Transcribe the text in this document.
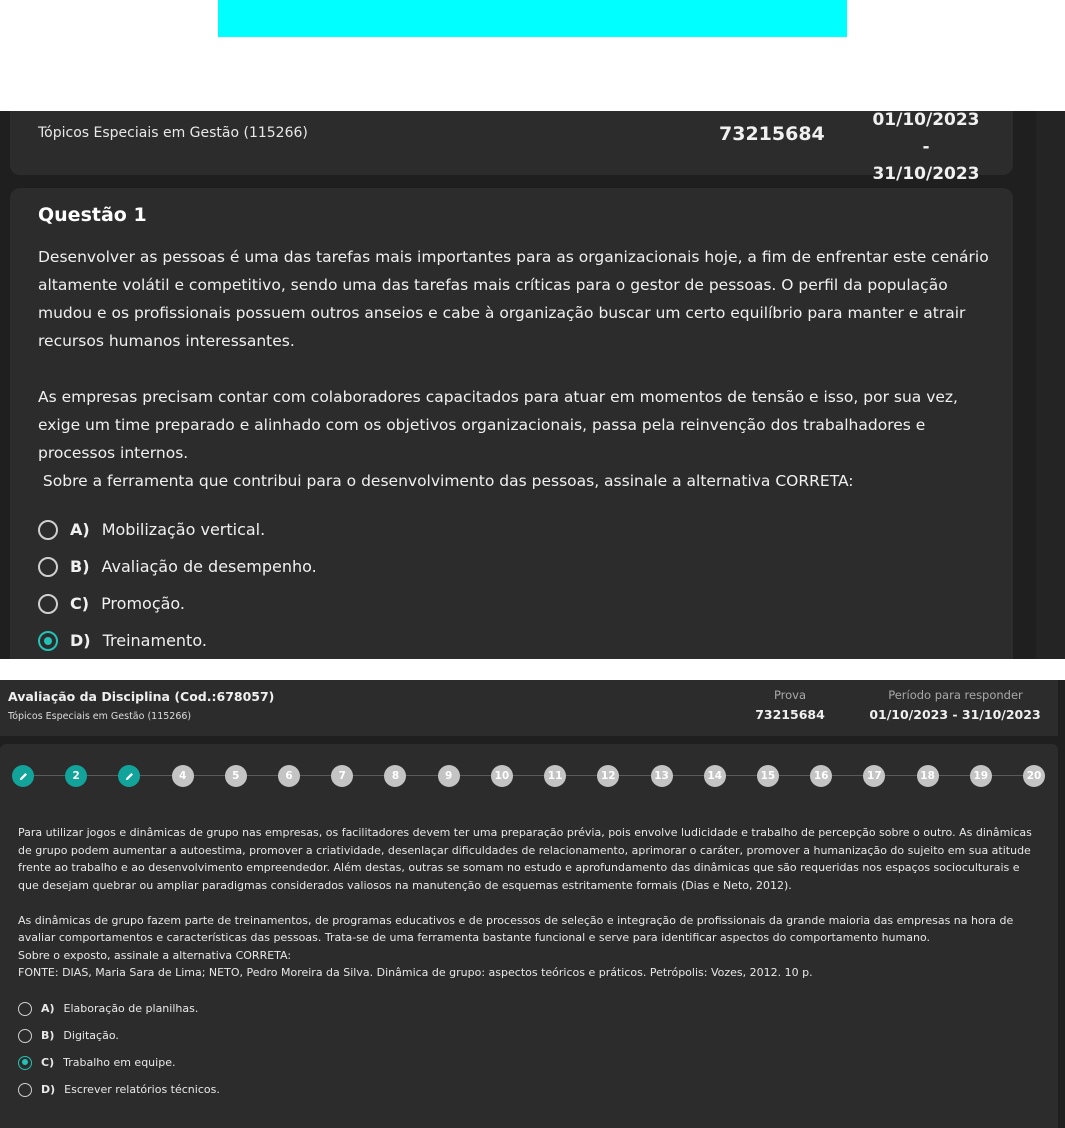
Tópicos Especiais em Gestão (115266)	73215684
01/10/2023 -
31/10/2023
Questão 1

Desenvolver as pessoas é uma das tarefas mais importantes para as organizacionais hoje, a fim de enfrentar este cenário altamente volátil e competitivo, sendo uma das tarefas mais críticas para o gestor de pessoas. O perfil da população mudou e os profissionais possuem outros anseios e cabe à organização buscar um certo equilíbrio para manter e atrair recursos humanos interessantes.

As empresas precisam contar com colaboradores capacitados para atuar em momentos de tensão e isso, por sua vez, exige um time preparado e alinhado com os objetivos organizacionais, passa pela reinvenção dos trabalhadores e processos internos.

Sobre a ferramenta que contribui para o desenvolvimento das pessoas, assinale a alternativa CORRETA:

A) Mobilização vertical.
B) Avaliação de desempenho.
C) Promoção.
D) Treinamento.
Avaliação da Disciplina (Cod.:678057)
Tópicos Especiais em Gestão (115266)
Prova
73215684
Período para responder
01/10/2023 - 31/10/2023
2	4	5	6	7	8	9	10	11	12	13	14	15	16	17	18	19	20

Para utilizar jogos e dinâmicas de grupo nas empresas, os facilitadores devem ter uma preparação prévia, pois envolve ludicidade e trabalho de percepção sobre o outro. As dinâmicas de grupo podem aumentar a autoestima, promover a criatividade, desenlaçar dificuldades de relacionamento, aprimorar o caráter, promover a humanização do sujeito em sua atitude frente ao trabalho e ao desenvolvimento empreendedor. Além destas, outras se somam no estudo e aprofundamento das dinâmicas que são requeridas nos espaços socioculturais e que desejam quebrar ou ampliar paradigmas considerados valiosos na manutenção de esquemas estritamente formais (Dias e Neto, 2012).

As dinâmicas de grupo fazem parte de treinamentos, de programas educativos e de processos de seleção e integração de profissionais da grande maioria das empresas na hora de avaliar comportamentos e características das pessoas. Trata-se de uma ferramenta bastante funcional e serve para identificar aspectos do comportamento humano.

Sobre o exposto, assinale a alternativa CORRETA:

FONTE: DIAS, Maria Sara de Lima; NETO, Pedro Moreira da Silva. Dinâmica de grupo: aspectos teóricos e práticos. Petrópolis: Vozes, 2012. 10 p.

A) Elaboração de planilhas.
B) Digitação.
C) Trabalho em equipe.
D) Escrever relatórios técnicos.
